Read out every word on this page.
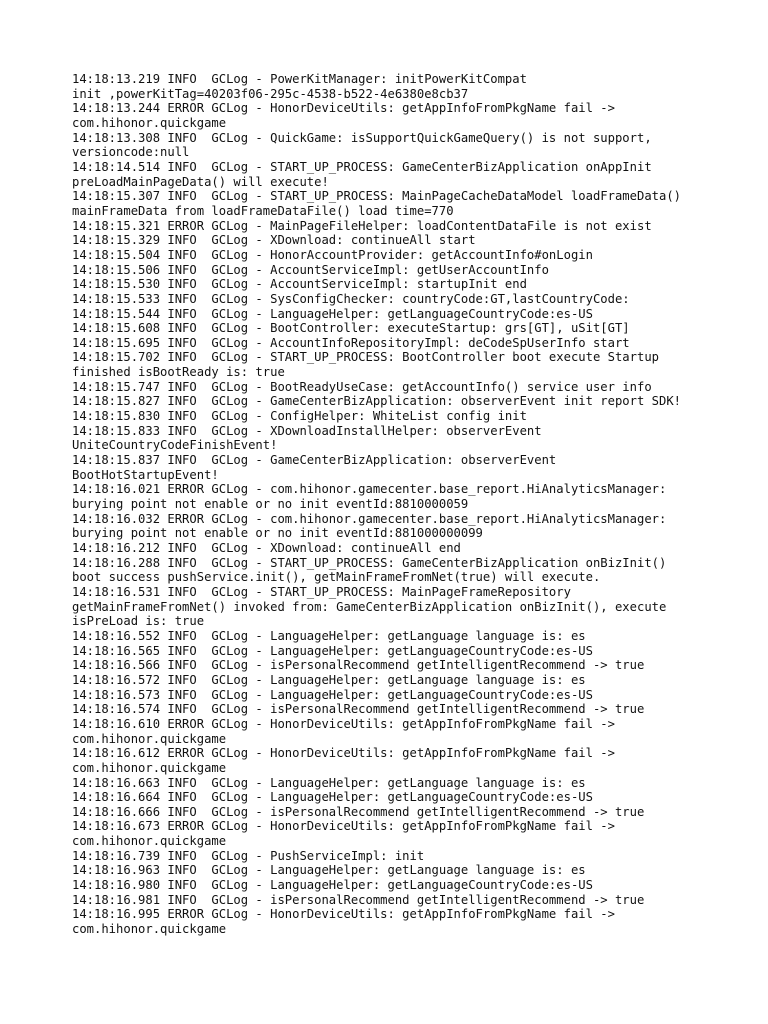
14:18:13.219 INFO  GCLog - PowerKitManager: initPowerKitCompat
init ,powerKitTag=40203f06-295c-4538-b522-4e6380e8cb37
14:18:13.244 ERROR GCLog - HonorDeviceUtils: getAppInfoFromPkgName fail ->
com.hihonor.quickgame
14:18:13.308 INFO  GCLog - QuickGame: isSupportQuickGameQuery() is not support,
versioncode:null
14:18:14.514 INFO  GCLog - START_UP_PROCESS: GameCenterBizApplication onAppInit
preLoadMainPageData() will execute!
14:18:15.307 INFO  GCLog - START_UP_PROCESS: MainPageCacheDataModel loadFrameData()
mainFrameData from loadFrameDataFile() load time=770
14:18:15.321 ERROR GCLog - MainPageFileHelper: loadContentDataFile is not exist
14:18:15.329 INFO  GCLog - XDownload: continueAll start
14:18:15.504 INFO  GCLog - HonorAccountProvider: getAccountInfo#onLogin
14:18:15.506 INFO  GCLog - AccountServiceImpl: getUserAccountInfo
14:18:15.530 INFO  GCLog - AccountServiceImpl: startupInit end
14:18:15.533 INFO  GCLog - SysConfigChecker: countryCode:GT,lastCountryCode:
14:18:15.544 INFO  GCLog - LanguageHelper: getLanguageCountryCode:es-US
14:18:15.608 INFO  GCLog - BootController: executeStartup: grs[GT], uSit[GT]
14:18:15.695 INFO  GCLog - AccountInfoRepositoryImpl: deCodeSpUserInfo start
14:18:15.702 INFO  GCLog - START_UP_PROCESS: BootController boot execute Startup
finished isBootReady is: true
14:18:15.747 INFO  GCLog - BootReadyUseCase: getAccountInfo() service user info
14:18:15.827 INFO  GCLog - GameCenterBizApplication: observerEvent init report SDK!
14:18:15.830 INFO  GCLog - ConfigHelper: WhiteList config init
14:18:15.833 INFO  GCLog - XDownloadInstallHelper: observerEvent
UniteCountryCodeFinishEvent!
14:18:15.837 INFO  GCLog - GameCenterBizApplication: observerEvent
BootHotStartupEvent!
14:18:16.021 ERROR GCLog - com.hihonor.gamecenter.base_report.HiAnalyticsManager:
burying point not enable or no init eventId:8810000059
14:18:16.032 ERROR GCLog - com.hihonor.gamecenter.base_report.HiAnalyticsManager:
burying point not enable or no init eventId:881000000099
14:18:16.212 INFO  GCLog - XDownload: continueAll end
14:18:16.288 INFO  GCLog - START_UP_PROCESS: GameCenterBizApplication onBizInit()
boot success pushService.init(), getMainFrameFromNet(true) will execute.
14:18:16.531 INFO  GCLog - START_UP_PROCESS: MainPageFrameRepository
getMainFrameFromNet() invoked from: GameCenterBizApplication onBizInit(), execute
isPreLoad is: true
14:18:16.552 INFO  GCLog - LanguageHelper: getLanguage language is: es
14:18:16.565 INFO  GCLog - LanguageHelper: getLanguageCountryCode:es-US
14:18:16.566 INFO  GCLog - isPersonalRecommend getIntelligentRecommend -> true
14:18:16.572 INFO  GCLog - LanguageHelper: getLanguage language is: es
14:18:16.573 INFO  GCLog - LanguageHelper: getLanguageCountryCode:es-US
14:18:16.574 INFO  GCLog - isPersonalRecommend getIntelligentRecommend -> true
14:18:16.610 ERROR GCLog - HonorDeviceUtils: getAppInfoFromPkgName fail ->
com.hihonor.quickgame
14:18:16.612 ERROR GCLog - HonorDeviceUtils: getAppInfoFromPkgName fail ->
com.hihonor.quickgame
14:18:16.663 INFO  GCLog - LanguageHelper: getLanguage language is: es
14:18:16.664 INFO  GCLog - LanguageHelper: getLanguageCountryCode:es-US
14:18:16.666 INFO  GCLog - isPersonalRecommend getIntelligentRecommend -> true
14:18:16.673 ERROR GCLog - HonorDeviceUtils: getAppInfoFromPkgName fail ->
com.hihonor.quickgame
14:18:16.739 INFO  GCLog - PushServiceImpl: init
14:18:16.963 INFO  GCLog - LanguageHelper: getLanguage language is: es
14:18:16.980 INFO  GCLog - LanguageHelper: getLanguageCountryCode:es-US
14:18:16.981 INFO  GCLog - isPersonalRecommend getIntelligentRecommend -> true
14:18:16.995 ERROR GCLog - HonorDeviceUtils: getAppInfoFromPkgName fail ->
com.hihonor.quickgame
